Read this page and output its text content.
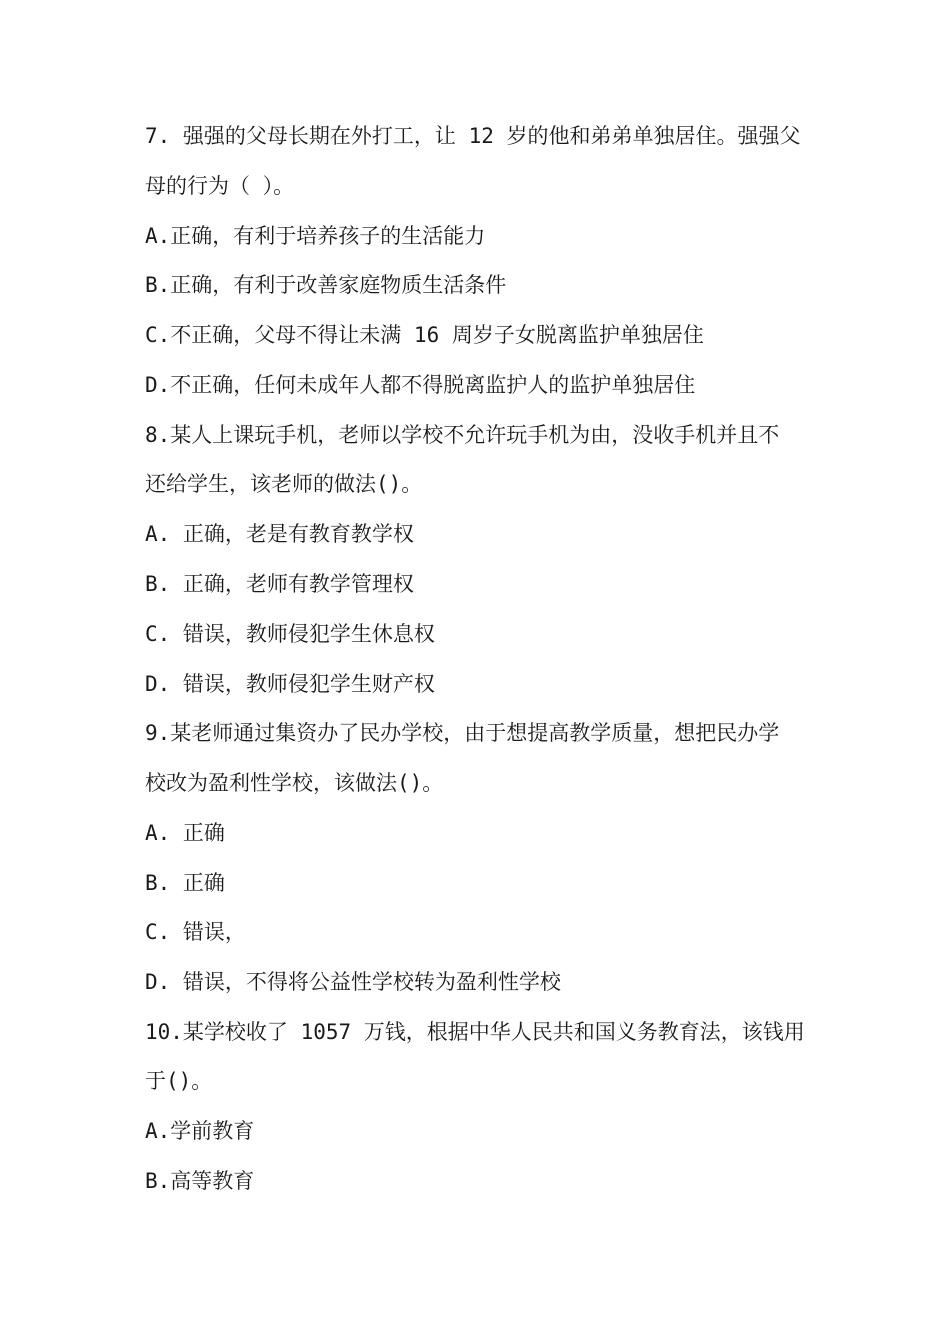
7. 强强的父母长期在外打工，让 12 岁的他和弟弟单独居住。强强父
母的行为（ ）。
A.正确，有利于培养孩子的生活能力
B.正确，有利于改善家庭物质生活条件
C.不正确，父母不得让未满 16 周岁子女脱离监护单独居住
D.不正确，任何未成年人都不得脱离监护人的监护单独居住
8.某人上课玩手机，老师以学校不允许玩手机为由，没收手机并且不
还给学生，该老师的做法()。
A. 正确，老是有教育教学权
B. 正确，老师有教学管理权
C. 错误，教师侵犯学生休息权
D. 错误，教师侵犯学生财产权
9.某老师通过集资办了民办学校，由于想提高教学质量，想把民办学
校改为盈利性学校，该做法()。
A. 正确
B. 正确
C. 错误，
D. 错误，不得将公益性学校转为盈利性学校
10.某学校收了 1057 万钱，根据中华人民共和国义务教育法，该钱用
于()。
A.学前教育
B.高等教育
